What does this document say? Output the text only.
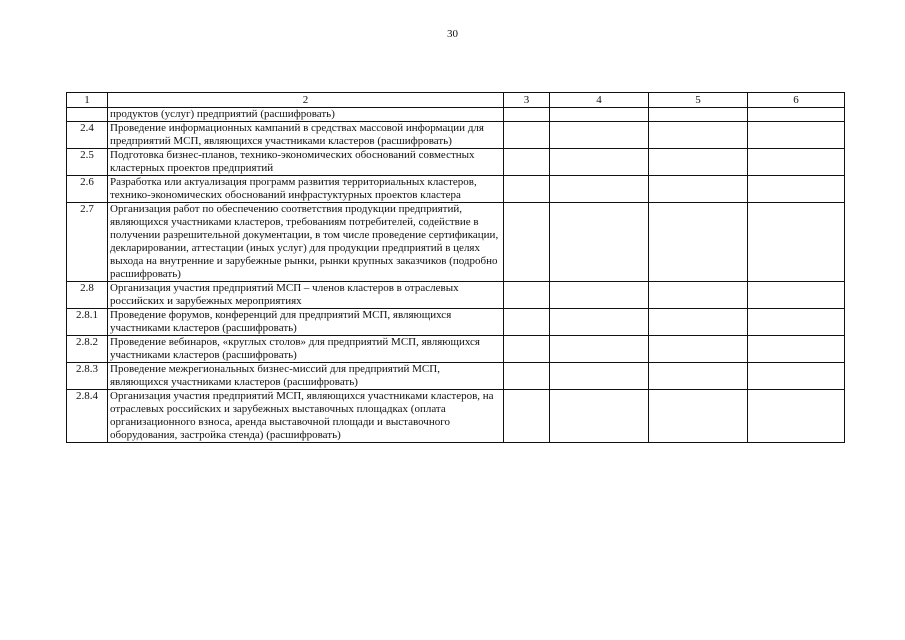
30
1	2	3	4	5	6
	продуктов (услуг) предприятий (расшифровать)				
2.4	Проведение информационных кампаний в средствах массовой информации для предприятий МСП, являющихся участниками кластеров (расшифровать)				
2.5	Подготовка бизнес-планов, технико-экономических обоснований совместных кластерных проектов предприятий				
2.6	Разработка или актуализация программ развития территориальных кластеров, технико-экономических обоснований инфрастуктурных проектов кластера				
2.7	Организация работ по обеспечению соответствия продукции предприятий, являющихся участниками кластеров, требованиям потребителей, содействие в получении разрешительной документации, в том числе проведение сертификации, декларировании, аттестации (иных услуг) для продукции предприятий в целях выхода на внутренние и зарубежные рынки, рынки крупных заказчиков (подробно расшифровать)				
2.8	Организация участия предприятий МСП – членов кластеров в отраслевых российских и зарубежных мероприятиях				
2.8.1	Проведение форумов, конференций для предприятий МСП, являющихся участниками кластеров (расшифровать)				
2.8.2	Проведение вебинаров, «круглых столов» для предприятий МСП, являющихся участниками кластеров (расшифровать)				
2.8.3	Проведение межрегиональных бизнес-миссий для предприятий МСП, являющихся участниками кластеров (расшифровать)				
2.8.4	Организация участия предприятий МСП, являющихся участниками кластеров, на отраслевых российских и зарубежных выставочных площадках (оплата организационного взноса, аренда выставочной площади и выставочного оборудования, застройка стенда) (расшифровать)				
